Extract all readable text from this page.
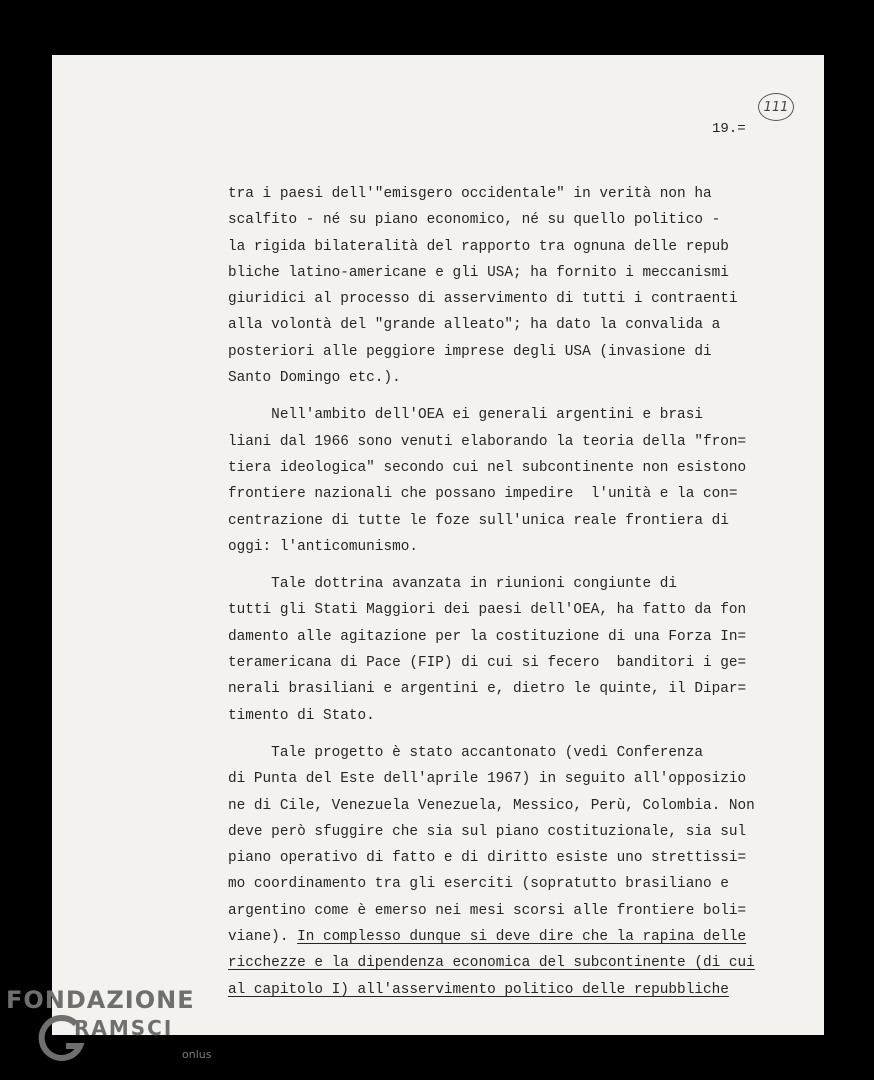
111
19.=
tra i paesi dell'"emisgero occidentale" in verità non ha
scalfito - né su piano economico, né su quello politico -
la rigida bilateralità del rapporto tra ognuna delle repub
bliche latino-americane e gli USA; ha fornito i meccanismi
giuridici al processo di asservimento di tutti i contraenti
alla volontà del "grande alleato"; ha dato la convalida a
posteriori alle peggiore imprese degli USA (invasione di
Santo Domingo etc.).
Nell'ambito dell'OEA ei generali argentini e brasi
liani dal 1966 sono venuti elaborando la teoria della "fron=
tiera ideologica" secondo cui nel subcontinente non esistono
frontiere nazionali che possano impedire  l'unità e la con=
centrazione di tutte le foze sull'unica reale frontiera di
oggi: l'anticomunismo.
Tale dottrina avanzata in riunioni congiunte di
tutti gli Stati Maggiori dei paesi dell'OEA, ha fatto da fon
damento alle agitazione per la costituzione di una Forza In=
teramericana di Pace (FIP) di cui si fecero  banditori i ge=
nerali brasiliani e argentini e, dietro le quinte, il Dipar=
timento di Stato.
Tale progetto è stato accantonato (vedi Conferenza
di Punta del Este dell'aprile 1967) in seguito all'opposizio
ne di Cile, Venezuela Venezuela, Messico, Perù, Colombia. Non
deve però sfuggire che sia sul piano costituzionale, sia sul
piano operativo di fatto e di diritto esiste uno strettissi=
mo coordinamento tra gli eserciti (sopratutto brasiliano e
argentino come è emerso nei mesi scorsi alle frontiere boli=
viane). In complesso dunque si deve dire che la rapina delle
ricchezze e la dipendenza economica del subcontinente (di cui
al capitolo I) all'asservimento politico delle repubbliche
FONDAZIONE
RAMSCI
onlus
